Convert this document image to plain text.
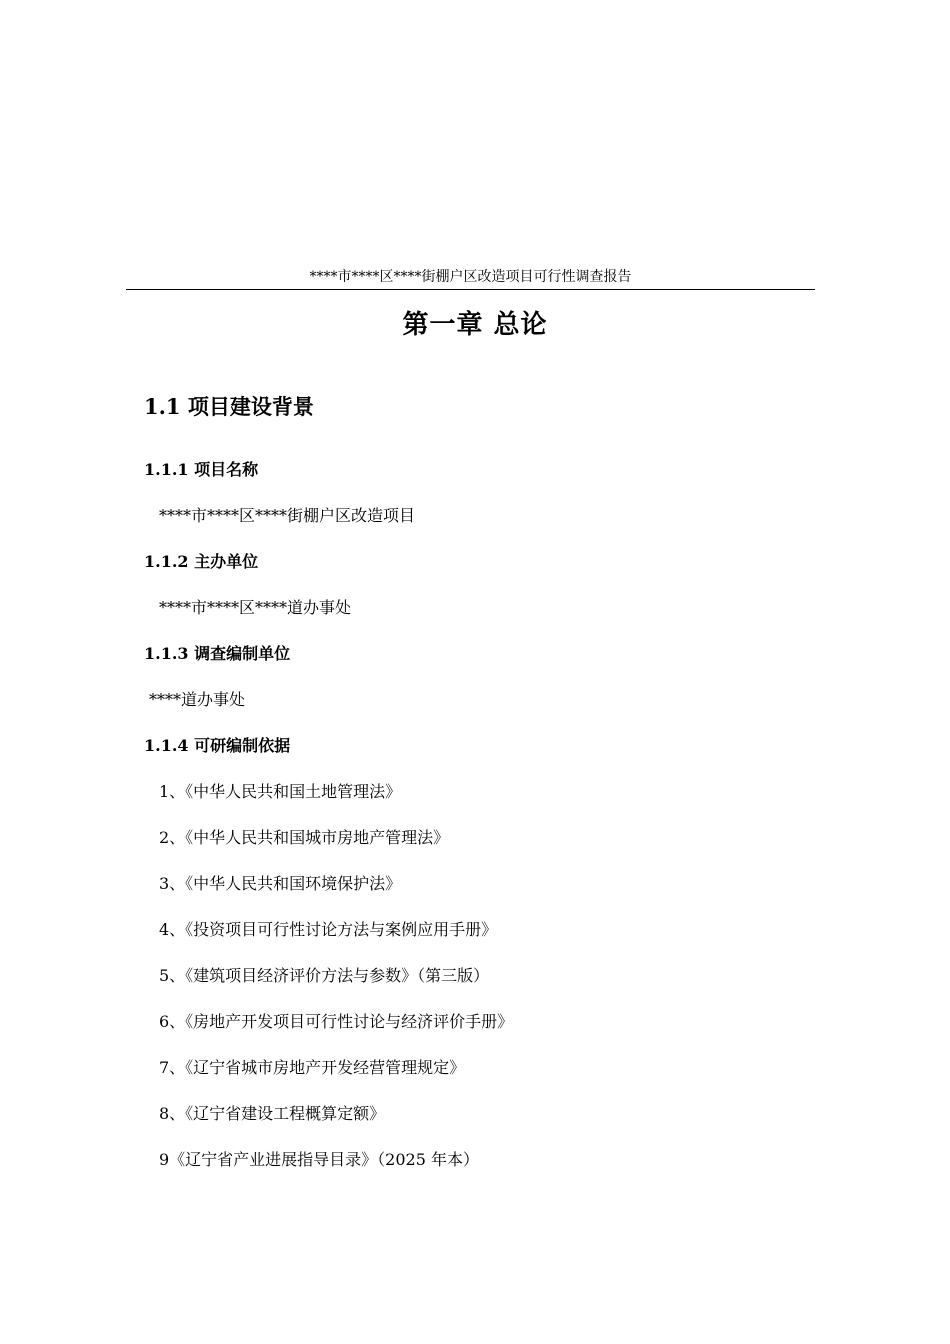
****市****区****街棚户区改造项目可行性调查报告
第一章 总论
1.1 项目建设背景
1.1.1 项目名称
****市****区****街棚户区改造项目
1.1.2 主办单位
****市****区****道办事处
1.1.3 调查编制单位
****道办事处
1.1.4 可研编制依据
1、《中华人民共和国土地管理法》
2、《中华人民共和国城市房地产管理法》
3、《中华人民共和国环境保护法》
4、《投资项目可行性讨论方法与案例应用手册》
5、《建筑项目经济评价方法与参数》（第三版）
6、《房地产开发项目可行性讨论与经济评价手册》
7、《辽宁省城市房地产开发经营管理规定》
8、《辽宁省建设工程概算定额》
9《辽宁省产业进展指导目录》（2025 年本）
